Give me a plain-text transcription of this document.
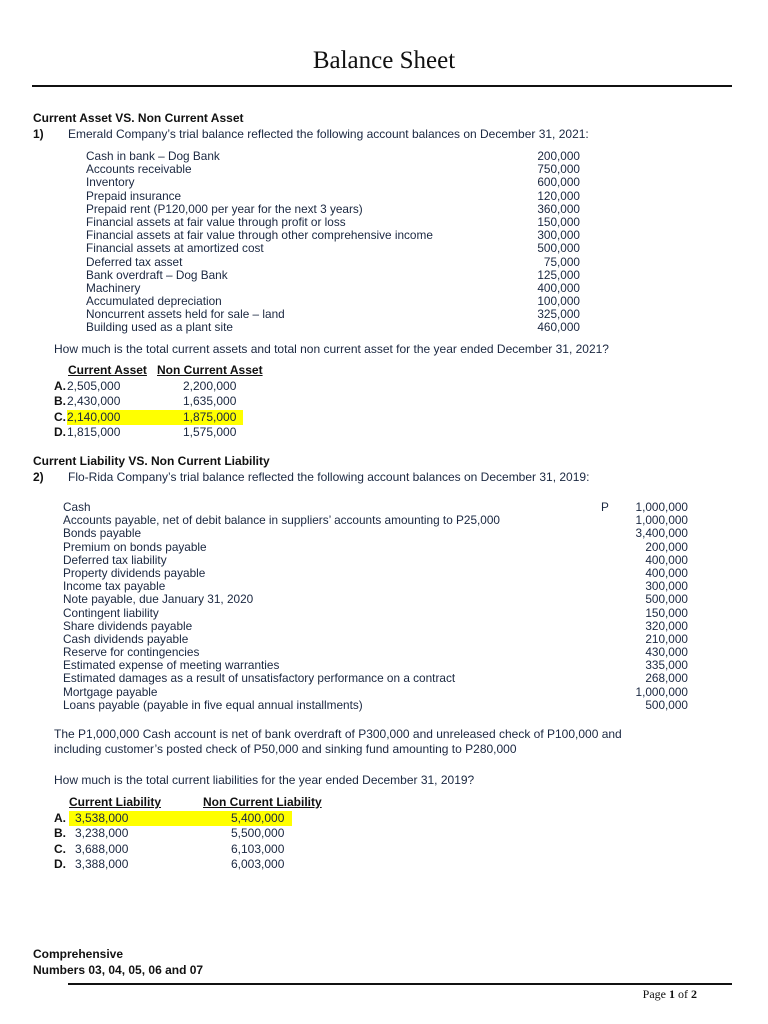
Balance Sheet
Current Asset VS. Non Current Asset
1) Emerald Company’s trial balance reflected the following account balances on December 31, 2021:
Cash in bank – Dog Bank	200,000
Accounts receivable	750,000
Inventory	600,000
Prepaid insurance	120,000
Prepaid rent (P120,000 per year for the next 3 years)	360,000
Financial assets at fair value through profit or loss	150,000
Financial assets at fair value through other comprehensive income	300,000
Financial assets at amortized cost	500,000
Deferred tax asset	75,000
Bank overdraft – Dog Bank	125,000
Machinery	400,000
Accumulated depreciation	100,000
Noncurrent assets held for sale – land	325,000
Building used as a plant site	460,000
How much is the total current assets and total non current asset for the year ended December 31, 2021?
Current Asset Non Current Asset
A. 2,505,000	2,200,000
B. 2,430,000	1,635,000
C. 2,140,000	1,875,000
D. 1,815,000	1,575,000
Current Liability VS. Non Current Liability
2) Flo-Rida Company’s trial balance reflected the following account balances on December 31, 2019:
Cash	P 1,000,000
Accounts payable, net of debit balance in suppliers’ accounts amounting to P25,000	1,000,000
Bonds payable	3,400,000
Premium on bonds payable	200,000
Deferred tax liability	400,000
Property dividends payable	400,000
Income tax payable	300,000
Note payable, due January 31, 2020	500,000
Contingent liability	150,000
Share dividends payable	320,000
Cash dividends payable	210,000
Reserve for contingencies	430,000
Estimated expense of meeting warranties	335,000
Estimated damages as a result of unsatisfactory performance on a contract	268,000
Mortgage payable	1,000,000
Loans payable (payable in five equal annual installments)	500,000
The P1,000,000 Cash account is net of bank overdraft of P300,000 and unreleased check of P100,000 and
including customer’s posted check of P50,000 and sinking fund amounting to P280,000
How much is the total current liabilities for the year ended December 31, 2019?
Current Liability	Non Current Liability
A. 3,538,000	5,400,000
B. 3,238,000	5,500,000
C. 3,688,000	6,103,000
D. 3,388,000	6,003,000
Comprehensive
Numbers 03, 04, 05, 06 and 07
Page 1 of 2
